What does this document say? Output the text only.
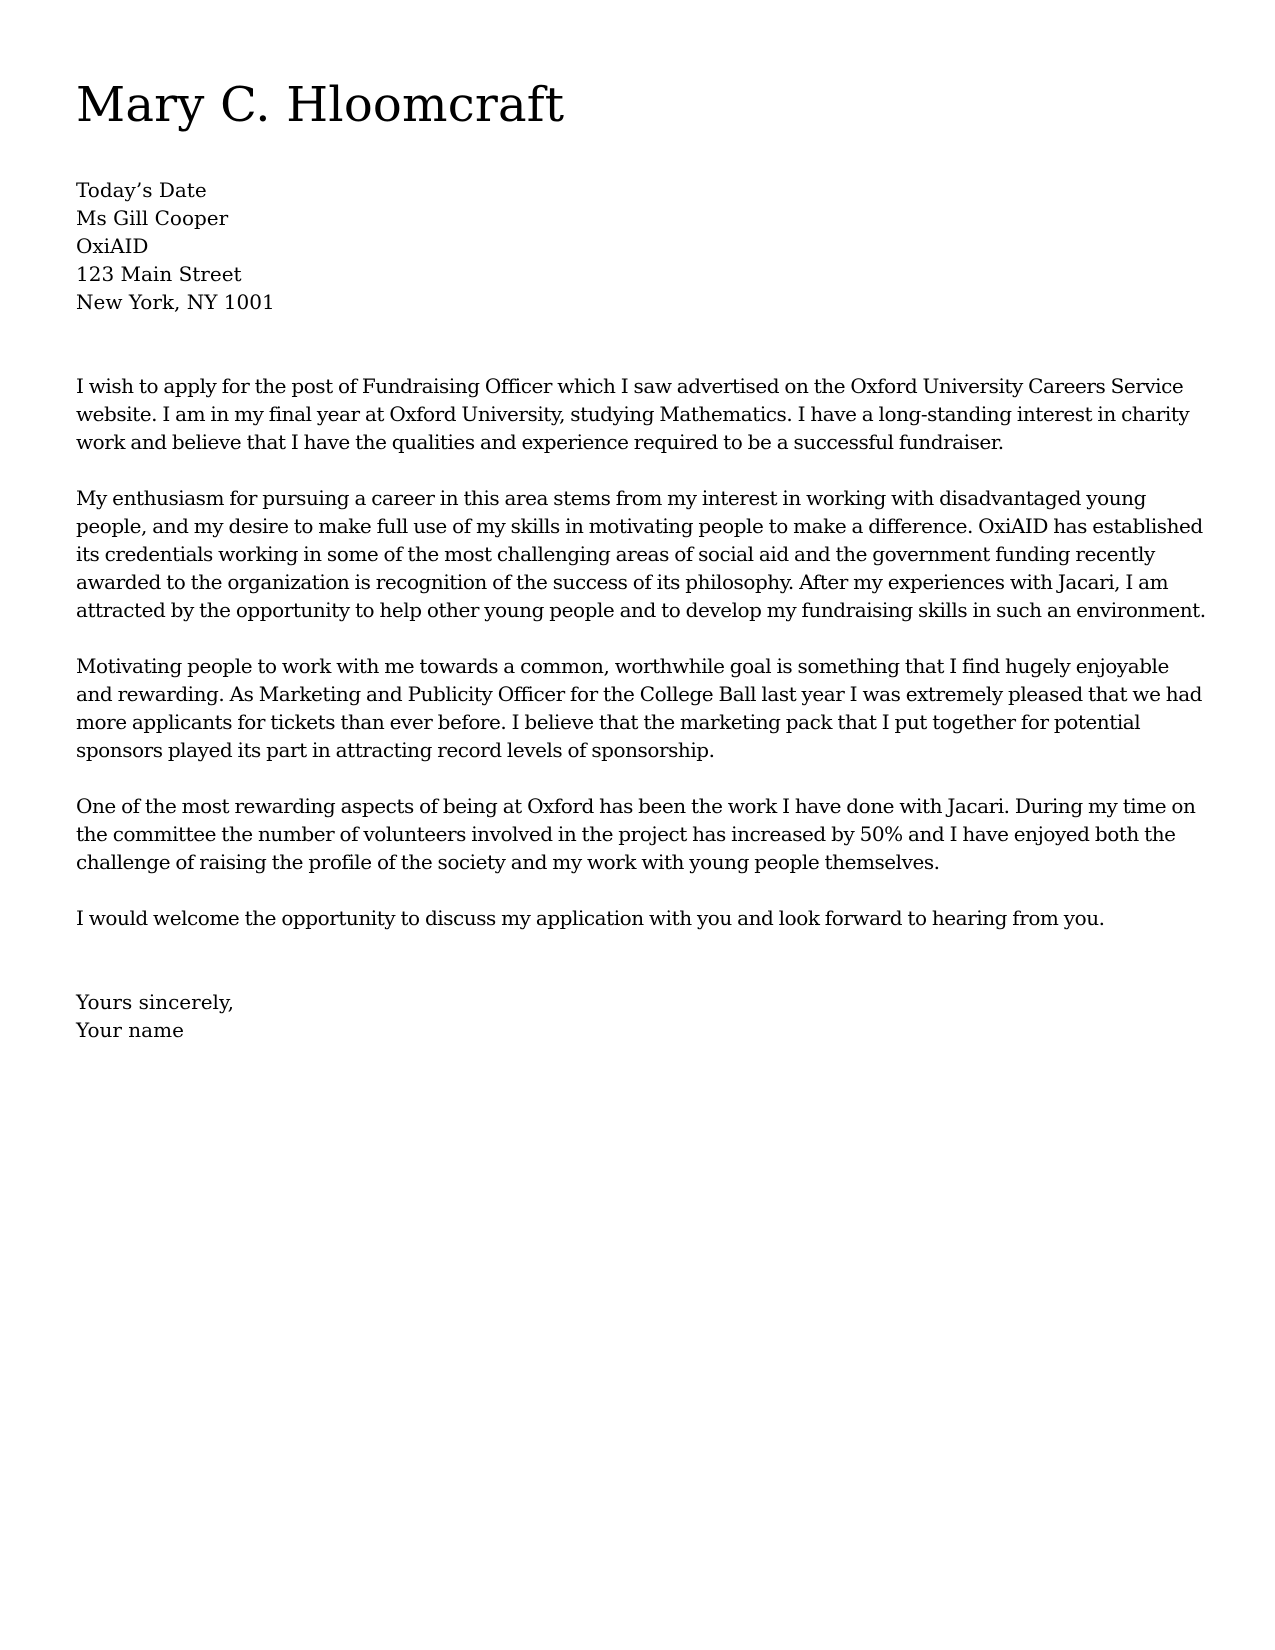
Mary C. Hloomcraft
Today’s Date
Ms Gill Cooper
OxiAID
123 Main Street
New York, NY 1001

I wish to apply for the post of Fundraising Officer which I saw advertised on the Oxford University Careers Service website. I am in my final year at Oxford University, studying Mathematics. I have a long-standing interest in charity work and believe that I have the qualities and experience required to be a successful fundraiser.

My enthusiasm for pursuing a career in this area stems from my interest in working with disadvantaged young people, and my desire to make full use of my skills in motivating people to make a difference. OxiAID has established its credentials working in some of the most challenging areas of social aid and the government funding recently awarded to the organization is recognition of the success of its philosophy. After my experiences with Jacari, I am attracted by the opportunity to help other young people and to develop my fundraising skills in such an environment.

Motivating people to work with me towards a common, worthwhile goal is something that I find hugely enjoyable and rewarding. As Marketing and Publicity Officer for the College Ball last year I was extremely pleased that we had more applicants for tickets than ever before. I believe that the marketing pack that I put together for potential sponsors played its part in attracting record levels of sponsorship.

One of the most rewarding aspects of being at Oxford has been the work I have done with Jacari. During my time on the committee the number of volunteers involved in the project has increased by 50% and I have enjoyed both the challenge of raising the profile of the society and my work with young people themselves.

I would welcome the opportunity to discuss my application with you and look forward to hearing from you.

Yours sincerely,
Your name
